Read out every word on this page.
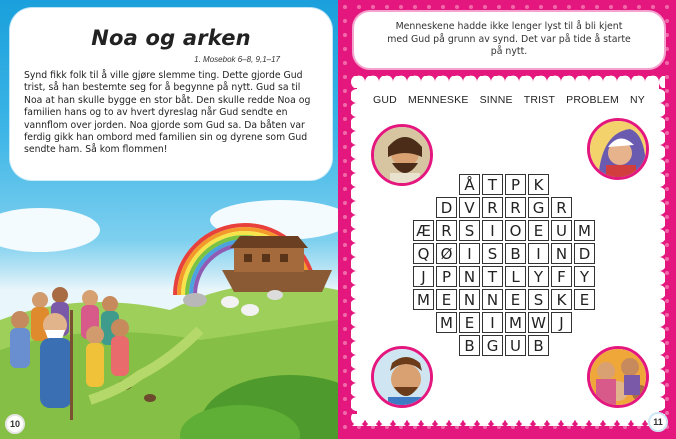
Noa og arken

1. Mosebok 6–8, 9,1–17

Synd fikk folk til å ville gjøre slemme ting. Dette gjorde Gud trist, så han bestemte seg for å begynne på nytt. Gud sa til Noa at han skulle bygge en stor båt. Den skulle redde Noa og familien hans og to av hvert dyreslag når Gud sendte en vannflom over jorden. Noa gjorde som Gud sa. Da båten var ferdig gikk han ombord med familien sin og dyrene som Gud sendte ham. Så kom flommen!

10

Menneskene hadde ikke lenger lyst til å bli kjent med Gud på grunn av synd. Det var på tide å starte på nytt.

GUD MENNESKE SINNE TRIST PROBLEM NY
Å T P K
D V R R G R
Æ R S	I O E U M
Q Ø I	S B	I	N D
J	P N T L Y F Y
M E N N E S K E
M E	I M W J
B G U B
11
